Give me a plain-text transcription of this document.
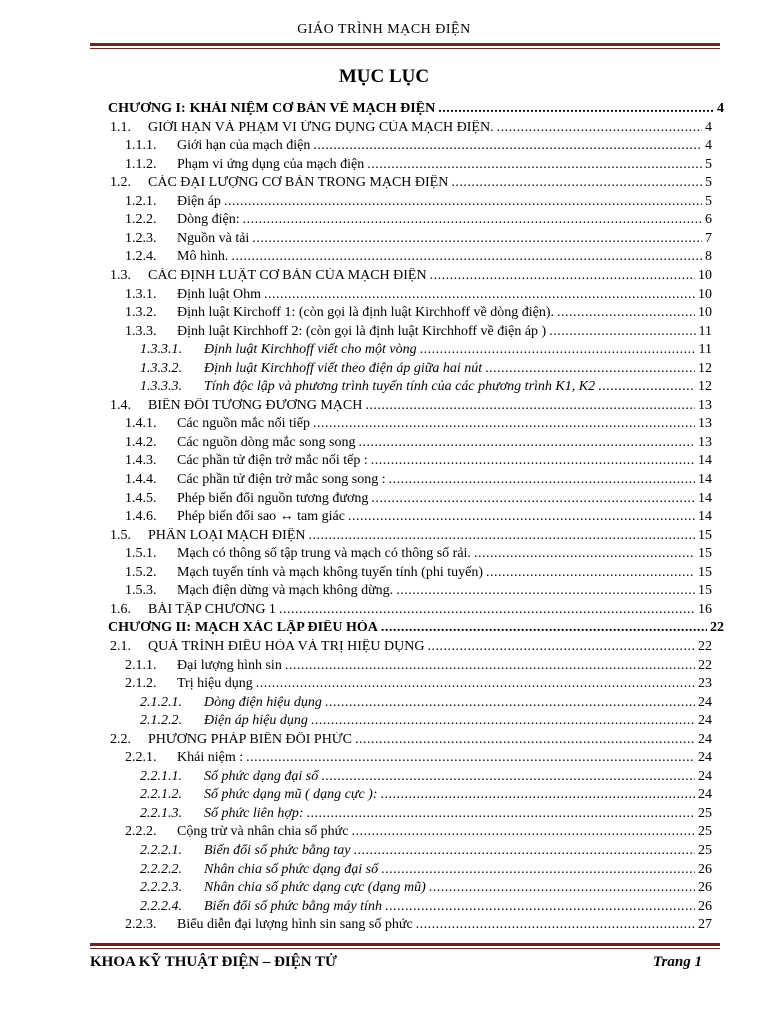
GIÁO TRÌNH MẠCH ĐIỆN
MỤC LỤC
CHƯƠNG I: KHÁI NIỆM CƠ BẢN VỀ MẠCH ĐIỆN . . .	4
1.1.	GIỚI HẠN VÀ PHẠM VI ỨNG DỤNG CỦA MẠCH ĐIỆN. . . .	4
1.1.1.	Giới hạn của mạch điện . . .	4
1.1.2.	Phạm vi ứng dụng của mạch điện . . .	5
1.2.	CÁC ĐẠI LƯỢNG CƠ BẢN TRONG MẠCH ĐIỆN . . .	5
1.2.1.	Điện áp . . .	5
1.2.2.	Dòng điện: . . .	6
1.2.3.	Nguồn và tải . . .	7
1.2.4.	Mô hình. . . .	8
1.3.	CÁC ĐỊNH LUẬT CƠ BẢN CỦA MẠCH ĐIỆN . . .	10
1.3.1.	Định luật Ohm . . .	10
1.3.2.	Định luật Kirchoff 1: (còn gọi là định luật Kirchhoff về dòng điện). . . .	10
1.3.3.	Định luật Kirchhoff 2: (còn gọi là định luật Kirchhoff về điện áp ) . . .	11
1.3.3.1.	Định luật Kirchhoff viết cho một vòng . . .	11
1.3.3.2.	Định luật Kirchhoff viết theo điện áp giữa hai nút . . .	12
1.3.3.3.	Tính độc lập và phương trình tuyến tính của các phương trình K1, K2 . . .	12
1.4.	BIẾN ĐỔI TƯƠNG ĐƯƠNG MẠCH . . .	13
1.4.1.	Các nguồn mắc nối tiếp . . .	13
1.4.2.	Các nguồn dòng mắc song song . . .	13
1.4.3.	Các phần tử điện trở mắc nối tếp : . . .	14
1.4.4.	Các phần tử điện trở mắc song song : . . .	14
1.4.5.	Phép biến đổi nguồn tương đương . . .	14
1.4.6.	Phép biến đổi sao ↔ tam giác . . .	14
1.5.	PHÂN LOẠI MẠCH ĐIỆN . . .	15
1.5.1.	Mạch có thông số tập trung và mạch có thông số rải. . . .	15
1.5.2.	Mạch tuyến tính và mạch không tuyến tính (phi tuyến) . . .	15
1.5.3.	Mạch điện dừng và mạch không dừng. . . .	15
1.6.	BÀI TẬP CHƯƠNG 1 . . .	16
CHƯƠNG II: MẠCH XÁC LẬP ĐIỀU HÒA . . .	22
2.1.	QUÁ TRÌNH ĐIỀU HÒA VÀ TRỊ HIỆU DỤNG . . .	22
2.1.1.	Đại lượng hình sin . . .	22
2.1.2.	Trị hiệu dụng . . .	23
2.1.2.1.	Dòng điện hiệu dụng . . .	24
2.1.2.2.	Điện áp hiệu dụng . . .	24
2.2.	PHƯƠNG PHÁP BIẾN ĐỔI PHỨC . . .	24
2.2.1.	Khái niệm : . . .	24
2.2.1.1.	Số phức dạng đại số . . .	24
2.2.1.2.	Số phức dạng mũ ( dạng cực ): . . .	24
2.2.1.3.	Số phức liên hợp: . . .	25
2.2.2.	Cộng trừ và nhân chia số phức . . .	25
2.2.2.1.	Biến đổi số phức bằng tay . . .	25
2.2.2.2.	Nhân chia số phức dạng đại số . . .	26
2.2.2.3.	Nhân chia số phức dạng cực (dạng mũ) . . .	26
2.2.2.4.	Biến đổi số phức bằng máy tính . . .	26
2.2.3.	Biểu diễn đại lượng hình sin sang số phức . . .	27
KHOA KỸ THUẬT ĐIỆN – ĐIỆN TỬ	Trang 1
